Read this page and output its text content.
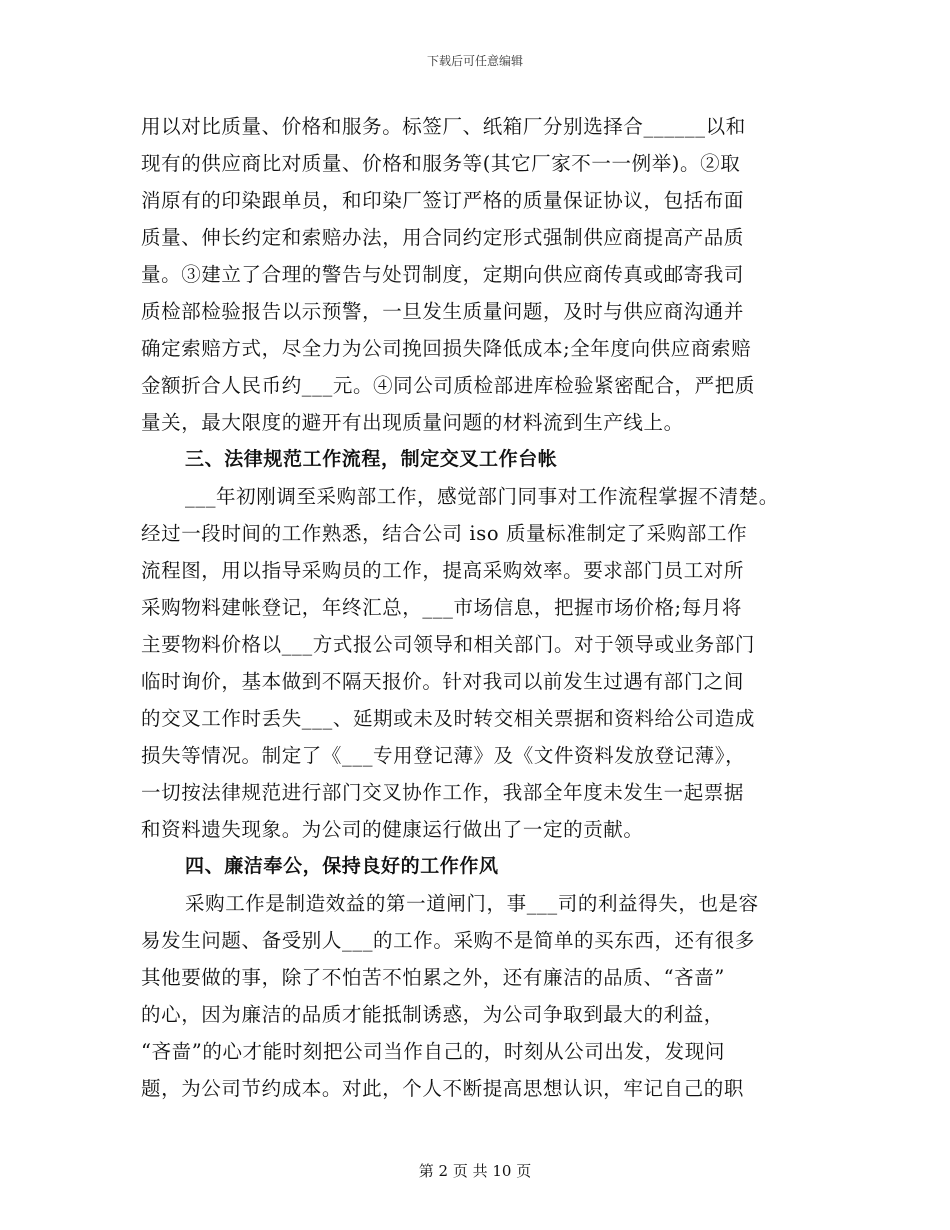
下载后可任意编辑
用以对比质量、价格和服务。标签厂、纸箱厂分别选择合______以和
现有的供应商比对质量、价格和服务等(其它厂家不一一例举)。②取
消原有的印染跟单员，和印染厂签订严格的质量保证协议，包括布面
质量、伸长约定和索赔办法，用合同约定形式强制供应商提高产品质
量。③建立了合理的警告与处罚制度，定期向供应商传真或邮寄我司
质检部检验报告以示预警，一旦发生质量问题，及时与供应商沟通并
确定索赔方式，尽全力为公司挽回损失降低成本;全年度向供应商索赔
金额折合人民币约___元。④同公司质检部进库检验紧密配合，严把质
量关，最大限度的避开有出现质量问题的材料流到生产线上。
三、法律规范工作流程，制定交叉工作台帐
___年初刚调至采购部工作，感觉部门同事对工作流程掌握不清楚。
经过一段时间的工作熟悉，结合公司 iso 质量标准制定了采购部工作
流程图，用以指导采购员的工作，提高采购效率。要求部门员工对所
采购物料建帐登记，年终汇总，___市场信息，把握市场价格;每月将
主要物料价格以___方式报公司领导和相关部门。对于领导或业务部门
临时询价，基本做到不隔天报价。针对我司以前发生过遇有部门之间
的交叉工作时丢失___、延期或未及时转交相关票据和资料给公司造成
损失等情况。制定了《___专用登记薄》及《文件资料发放登记薄》，
一切按法律规范进行部门交叉协作工作，我部全年度未发生一起票据
和资料遗失现象。为公司的健康运行做出了一定的贡献。
四、廉洁奉公，保持良好的工作作风
采购工作是制造效益的第一道闸门，事___司的利益得失，也是容
易发生问题、备受别人___的工作。采购不是简单的买东西，还有很多
其他要做的事，除了不怕苦不怕累之外，还有廉洁的品质、“吝啬”
的心，因为廉洁的品质才能抵制诱惑，为公司争取到最大的利益，
“吝啬”的心才能时刻把公司当作自己的，时刻从公司出发，发现问
题，为公司节约成本。对此，个人不断提高思想认识，牢记自己的职
第 2 页 共 10 页
